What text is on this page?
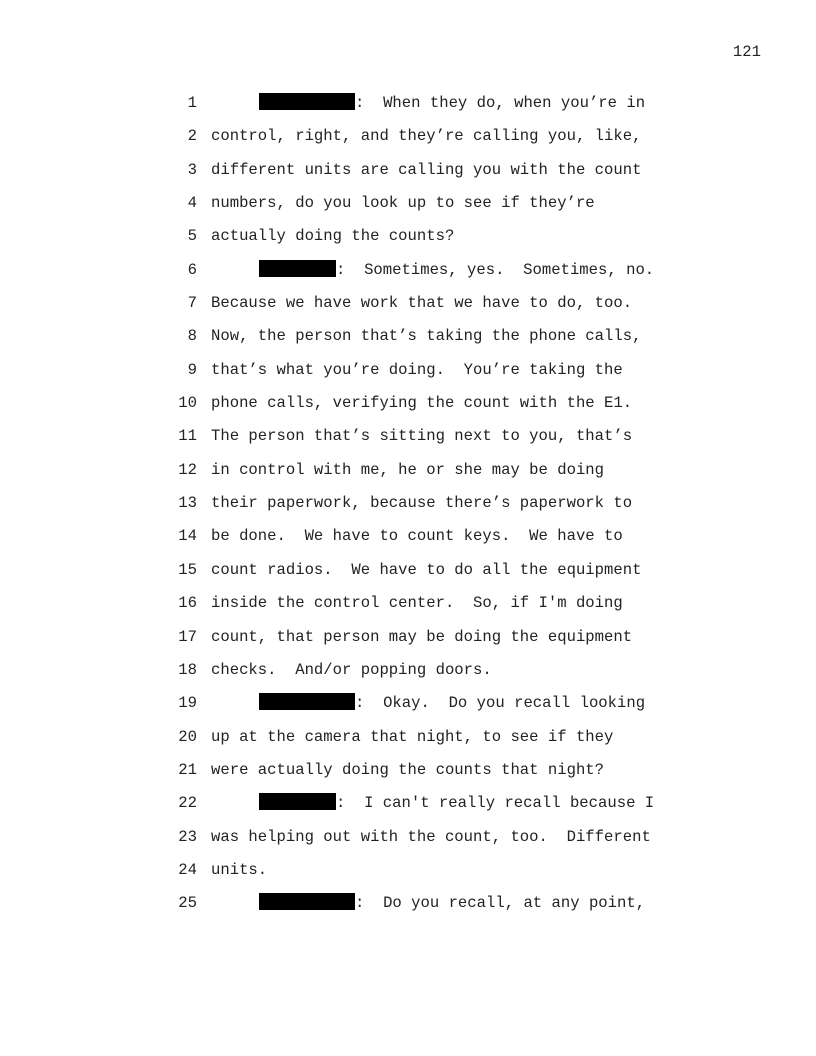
121
1	:  When they do, when you’re in
2 control, right, and they’re calling you, like,
3 different units are calling you with the count
4 numbers, do you look up to see if they’re
5 actually doing the counts?
6	:  Sometimes, yes.  Sometimes, no.
7 Because we have work that we have to do, too.
8 Now, the person that’s taking the phone calls,
9 that’s what you’re doing.  You’re taking the
10 phone calls, verifying the count with the E1.
11 The person that’s sitting next to you, that’s
12 in control with me, he or she may be doing
13 their paperwork, because there’s paperwork to
14 be done.  We have to count keys.  We have to
15 count radios.  We have to do all the equipment
16 inside the control center.  So, if I'm doing
17 count, that person may be doing the equipment
18 checks.  And/or popping doors.
19	:  Okay.  Do you recall looking
20 up at the camera that night, to see if they
21 were actually doing the counts that night?
22	:  I can't really recall because I
23 was helping out with the count, too.  Different
24 units.
25	:  Do you recall, at any point,
